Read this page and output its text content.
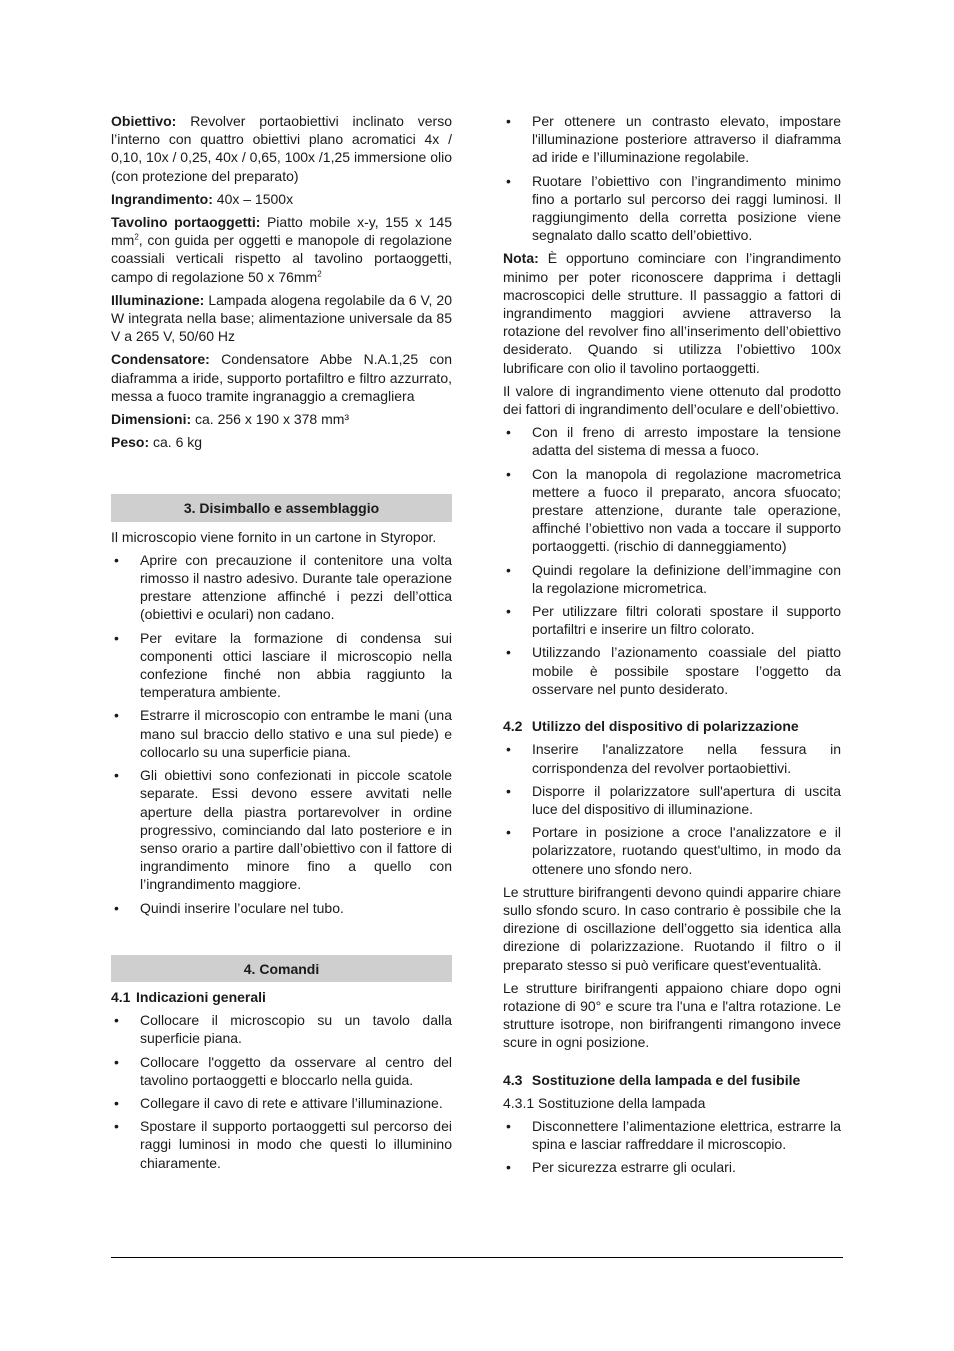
Obiettivo: Revolver portaobiettivi inclinato verso l’interno con quattro obiettivi plano acromatici 4x / 0,10, 10x / 0,25, 40x / 0,65, 100x /1,25 immersione olio (con protezione del preparato)

Ingrandimento: 40x – 1500x

Tavolino portaoggetti: Piatto mobile x-y, 155 x 145 $mm^2$, con guida per oggetti e manopole di regolazione coassiali verticali rispetto al tavolino portaoggetti, campo di regolazione 50 x $76mm^2$

Illuminazione: Lampada alogena regolabile da 6 V, 20 W integrata nella base; alimentazione universale da 85 V a 265 V, 50/60 Hz

Condensatore: Condensatore Abbe N.A.1,25 con diaframma a iride, supporto portafiltro e filtro azzurrato, messa a fuoco tramite ingranaggio a cremagliera

Dimensioni: ca. 256 x 190 x 378 mm³

Peso: ca. 6 kg

3. Disimballo e assemblaggio

Il microscopio viene fornito in un cartone in Styropor.

• Aprire con precauzione il contenitore una volta rimosso il nastro adesivo. Durante tale operazione prestare attenzione affinché i pezzi dell’ottica (obiettivi e oculari) non cadano.
• Per evitare la formazione di condensa sui componenti ottici lasciare il microscopio nella confezione finché non abbia raggiunto la temperatura ambiente.
• Estrarre il microscopio con entrambe le mani (una mano sul braccio dello stativo e una sul piede) e collocarlo su una superficie piana.
• Gli obiettivi sono confezionati in piccole scatole separate. Essi devono essere avvitati nelle aperture della piastra portarevolver in ordine progressivo, cominciando dal lato posteriore e in senso orario a partire dall’obiettivo con il fattore di ingrandimento minore fino a quello con l’ingrandimento maggiore.
• Quindi inserire l’oculare nel tubo.
4. Comandi
4.1 Indicazioni generali
• Collocare il microscopio su un tavolo dalla superficie piana.
• Collocare l'oggetto da osservare al centro del tavolino portaoggetti e bloccarlo nella guida.
• Collegare il cavo di rete e attivare l’illuminazione.
• Spostare il supporto portaoggetti sul percorso dei raggi luminosi in modo che questi lo illuminino chiaramente.
• Per ottenere un contrasto elevato, impostare l'illuminazione posteriore attraverso il diaframma ad iride e l’illuminazione regolabile.
• Ruotare l’obiettivo con l’ingrandimento minimo fino a portarlo sul percorso dei raggi luminosi. Il raggiungimento della corretta posizione viene segnalato dallo scatto dell’obiettivo.

Nota: È opportuno cominciare con l’ingrandimento minimo per poter riconoscere dapprima i dettagli macroscopici delle strutture. Il passaggio a fattori di ingrandimento maggiori avviene attraverso la rotazione del revolver fino all’inserimento dell’obiettivo desiderato. Quando si utilizza l’obiettivo 100x lubrificare con olio il tavolino portaoggetti.

Il valore di ingrandimento viene ottenuto dal prodotto dei fattori di ingrandimento dell’oculare e dell’obiettivo.

• Con il freno di arresto impostare la tensione adatta del sistema di messa a fuoco.
• Con la manopola di regolazione macrometrica mettere a fuoco il preparato, ancora sfuocato; prestare attenzione, durante tale operazione, affinché l’obiettivo non vada a toccare il supporto portaoggetti. (rischio di danneggiamento)
• Quindi regolare la definizione dell’immagine con la regolazione micrometrica.
• Per utilizzare filtri colorati spostare il supporto portafiltri e inserire un filtro colorato.
• Utilizzando l’azionamento coassiale del piatto mobile è possibile spostare l’oggetto da osservare nel punto desiderato.
4.2 Utilizzo del dispositivo di polarizzazione
• Inserire l'analizzatore nella fessura in corrispondenza del revolver portaobiettivi.
• Disporre il polarizzatore sull'apertura di uscita luce del dispositivo di illuminazione.
• Portare in posizione a croce l'analizzatore e il polarizzatore, ruotando quest'ultimo, in modo da ottenere uno sfondo nero.

Le strutture birifrangenti devono quindi apparire chiare sullo sfondo scuro. In caso contrario è possibile che la direzione di oscillazione dell’oggetto sia identica alla direzione di polarizzazione. Ruotando il filtro o il preparato stesso si può verificare quest'eventualità.

Le strutture birifrangenti appaiono chiare dopo ogni rotazione di 90° e scure tra l'una e l'altra rotazione. Le strutture isotrope, non birifrangenti rimangono invece scure in ogni posizione.

4.3 Sostituzione della lampada e del fusibile

4.3.1 Sostituzione della lampada

• Disconnettere l’alimentazione elettrica, estrarre la spina e lasciar raffreddare il microscopio.
• Per sicurezza estrarre gli oculari.
